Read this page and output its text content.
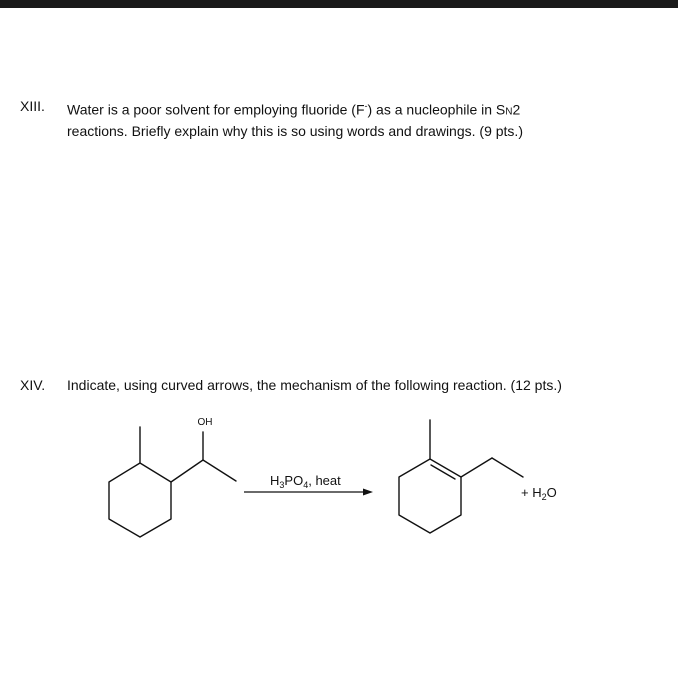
XIII. Water is a poor solvent for employing fluoride (F-) as a nucleophile in SN2
reactions. Briefly explain why this is so using words and drawings. (9 pts.)
XIV. Indicate, using curved arrows, the mechanism of the following reaction. (12 pts.)
OH
$H_3PO_4$, heat
+ $H_2O$
